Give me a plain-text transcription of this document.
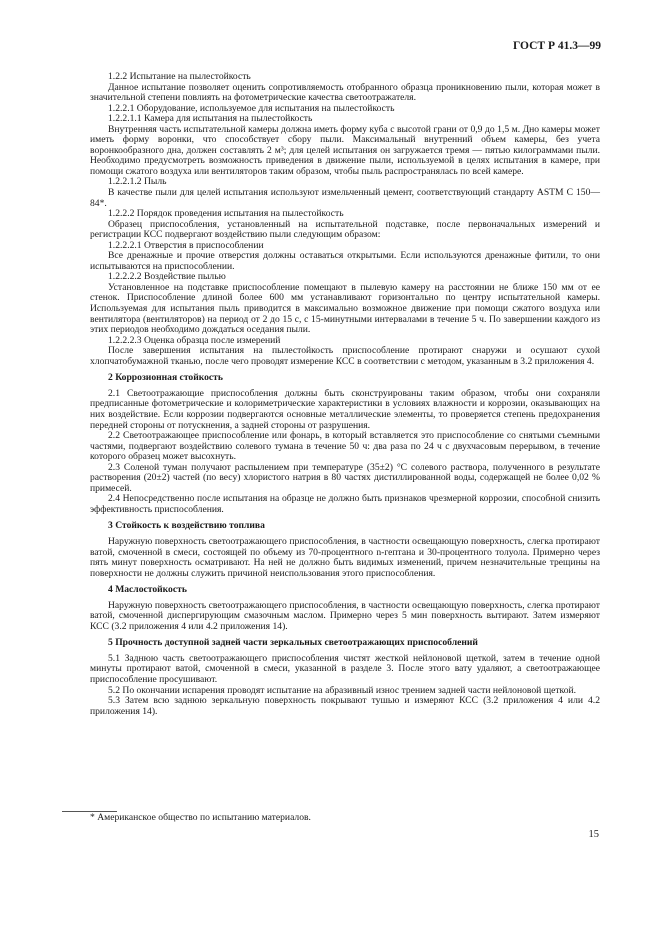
ГОСТ Р 41.3—99

1.2.2 Испытание на пылестойкость

Данное испытание позволяет оценить сопротивляемость отобранного образца проникновению пыли, которая может в значительной степени повлиять на фотометрические качества светоотражателя.

1.2.2.1 Оборудование, используемое для испытания на пылестойкость

1.2.2.1.1 Камера для испытания на пылестойкость

Внутренняя часть испытательной камеры должна иметь форму куба с высотой грани от 0,9 до 1,5 м. Дно камеры может иметь форму воронки, что способствует сбору пыли. Максимальный внутренний объем камеры, без учета воронкообразного дна, должен составлять 2 м³; для целей испытания он загружается тремя — пятью килограммами пыли. Необходимо предусмотреть возможность приведения в движение пыли, используемой в целях испытания в камере, при помощи сжатого воздуха или вентиляторов таким образом, чтобы пыль распространялась по всей камере.

1.2.2.1.2 Пыль

В качестве пыли для целей испытания используют измельченный цемент, соответствующий стандарту ASTM C 150—84*.

1.2.2.2 Порядок проведения испытания на пылестойкость

Образец приспособления, установленный на испытательной подставке, после первоначальных измерений и регистрации КСС подвергают воздействию пыли следующим образом:

1.2.2.2.1 Отверстия в приспособлении

Все дренажные и прочие отверстия должны оставаться открытыми. Если используются дренажные фитили, то они испытываются на приспособлении.

1.2.2.2.2 Воздействие пылью

Установленное на подставке приспособление помещают в пылевую камеру на расстоянии не ближе 150 мм от ее стенок. Приспособление длиной более 600 мм устанавливают горизонтально по центру испытательной камеры. Используемая для испытания пыль приводится в максимально возможное движение при помощи сжатого воздуха или вентилятора (вентиляторов) на период от 2 до 15 с, с 15-минутными интервалами в течение 5 ч. По завершении каждого из этих периодов необходимо дождаться оседания пыли.

1.2.2.2.3 Оценка образца после измерений

После завершения испытания на пылестойкость приспособление протирают снаружи и осушают сухой хлопчатобумажной тканью, после чего проводят измерение КСС в соответствии с методом, указанным в 3.2 приложения 4.

2 Коррозионная стойкость

2.1 Светоотражающие приспособления должны быть сконструированы таким образом, чтобы они сохраняли предписанные фотометрические и колориметрические характеристики в условиях влажности и коррозии, оказывающих на них воздействие. Если коррозии подвергаются основные металлические элементы, то проверяется степень предохранения передней стороны от потускнения, а задней стороны от разрушения.

2.2 Светоотражающее приспособление или фонарь, в который вставляется это приспособление со снятыми съемными частями, подвергают воздействию солевого тумана в течение 50 ч: два раза по 24 ч с двухчасовым перерывом, в течение которого образец может высохнуть.

2.3 Соленой туман получают распылением при температуре (35±2) °С солевого раствора, полученного в результате растворения (20±2) частей (по весу) хлористого натрия в 80 частях дистиллированной воды, содержащей не более 0,02 % примесей.

2.4 Непосредственно после испытания на образце не должно быть признаков чрезмерной коррозии, способной снизить эффективность приспособления.

3 Стойкость к воздействию топлива

Наружную поверхность светоотражающего приспособления, в частности освещающую поверхность, слегка протирают ватой, смоченной в смеси, состоящей по объему из 70-процентного n-гептана и 30-процентного толуола. Примерно через пять минут поверхность осматривают. На ней не должно быть видимых изменений, причем незначительные трещины на поверхности не должны служить причиной неиспользования этого приспособления.

4 Маслостойкость

Наружную поверхность светоотражающего приспособления, в частности освещающую поверхность, слегка протирают ватой, смоченной диспергирующим смазочным маслом. Примерно через 5 мин поверхность вытирают. Затем измеряют КСС (3.2 приложения 4 или 4.2 приложения 14).

5 Прочность доступной задней части зеркальных светоотражающих приспособлений

5.1 Заднюю часть светоотражающего приспособления чистят жесткой нейлоновой щеткой, затем в течение одной минуты протирают ватой, смоченной в смеси, указанной в разделе 3. После этого вату удаляют, а светоотражающее приспособление просушивают.

5.2 По окончании испарения проводят испытание на абразивный износ трением задней части нейлоновой щеткой.

5.3 Затем всю заднюю зеркальную поверхность покрывают тушью и измеряют КСС (3.2 приложения 4 или 4.2 приложения 14).

* Американское общество по испытанию материалов.
15
